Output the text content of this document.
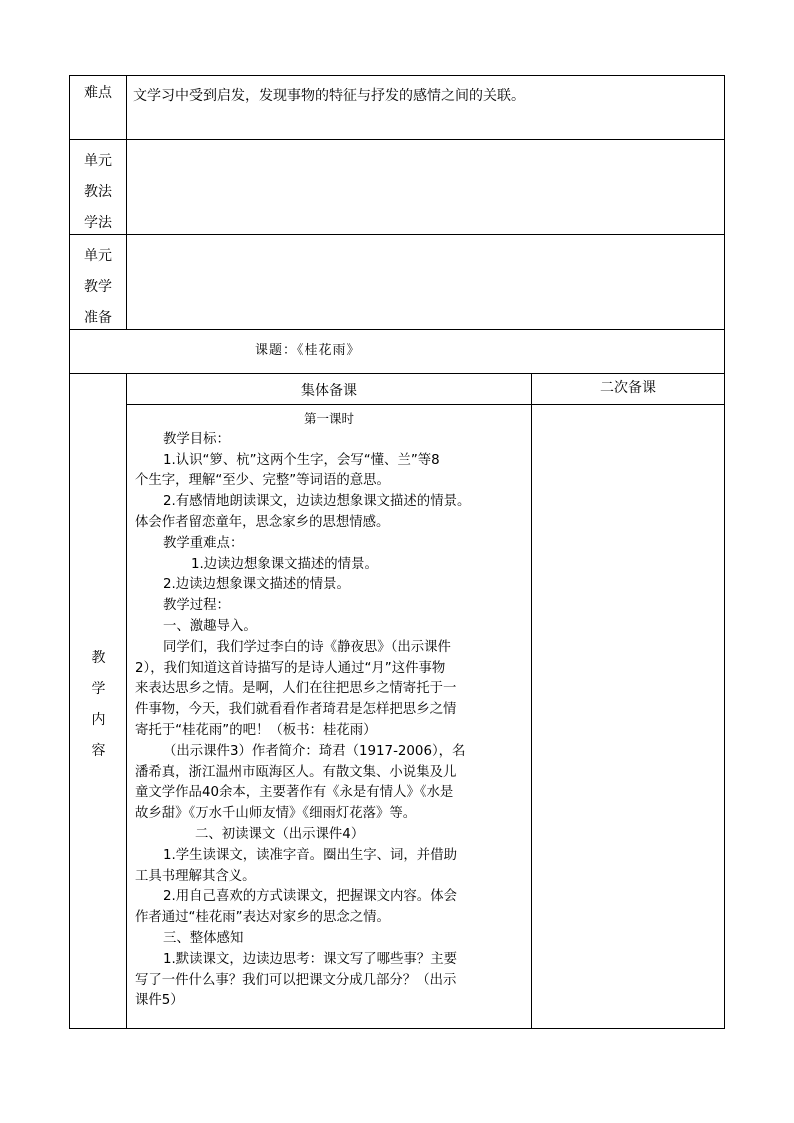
难点	文学习中受到启发，发现事物的特征与抒发的感情之间的关联。
单元
教法
学法
单元
教学
准备
课题：《桂花雨》
教
学
内
容
集体备课

第一课时

教学目标：

1.认识“箩、杭”这两个生字，会写“懂、兰”等8

个生字，理解“至少、完整”等词语的意思。

2.有感情地朗读课文，边读边想象课文描述的情景。

体会作者留恋童年，思念家乡的思想情感。

教学重难点：

1.边读边想象课文描述的情景。

2.边读边想象课文描述的情景。

教学过程：

一、激趣导入。

同学们，我们学过李白的诗《静夜思》（出示课件

2），我们知道这首诗描写的是诗人通过“月”这件事物

来表达思乡之情。是啊，人们在往把思乡之情寄托于一

件事物，今天，我们就看看作者琦君是怎样把思乡之情

寄托于“桂花雨”的吧！（板书：桂花雨）

（出示课件3）作者简介：琦君（1917-2006），名

潘希真，浙江温州市瓯海区人。有散文集、小说集及儿

童文学作品40余本，主要著作有《永是有情人》《水是

故乡甜》《万水千山师友情》《细雨灯花落》等。

二、初读课文（出示课件4）

1.学生读课文，读准字音。圈出生字、词，并借助

工具书理解其含义。

2.用自己喜欢的方式读课文，把握课文内容。体会

作者通过“桂花雨”表达对家乡的思念之情。

三、整体感知

1.默读课文，边读边思考：课文写了哪些事？主要

写了一件什么事？我们可以把课文分成几部分？（出示

课件5）

二次备课
